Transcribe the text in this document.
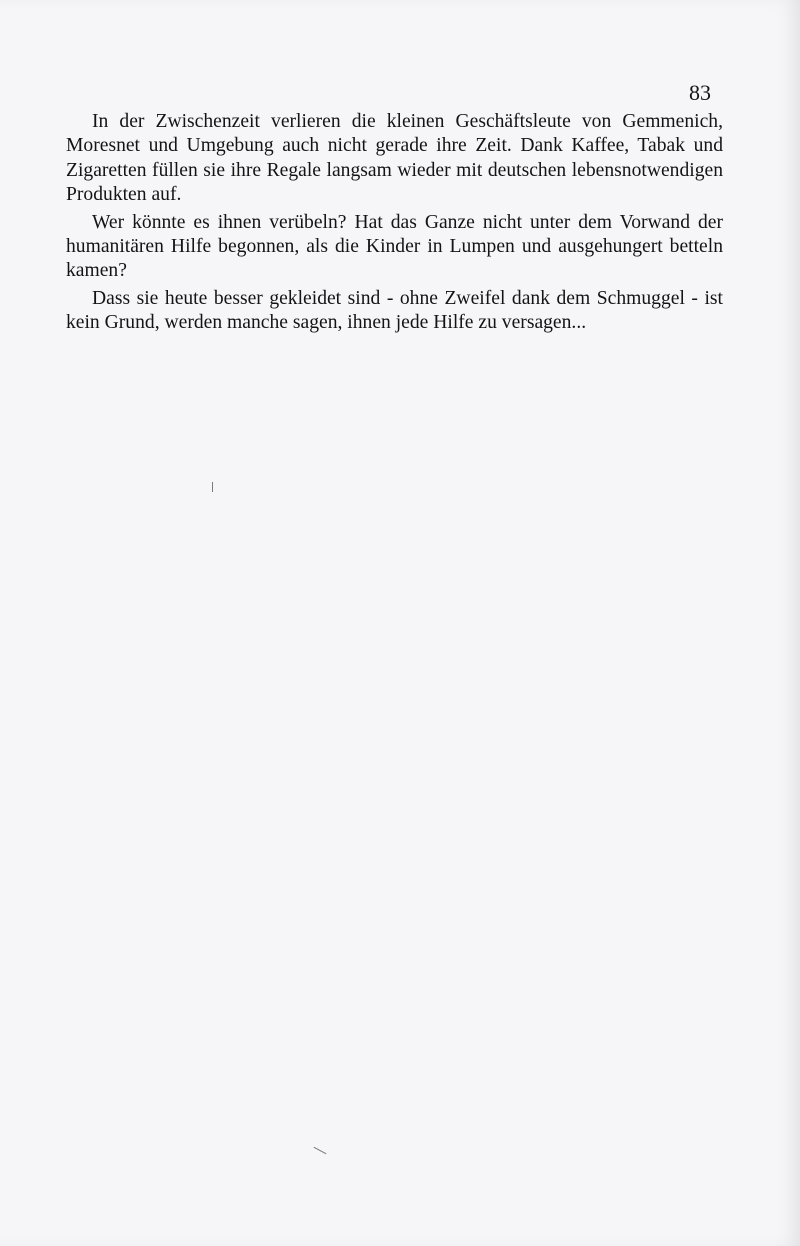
83

In der Zwischenzeit verlieren die kleinen Geschäftsleute von Gemmenich, Moresnet und Umgebung auch nicht gerade ihre Zeit. Dank Kaffee, Tabak und Zigaretten füllen sie ihre Regale langsam wieder mit deutschen lebensnotwendigen Produkten auf.

Wer könnte es ihnen verübeln? Hat das Ganze nicht unter dem Vorwand der humanitären Hilfe begonnen, als die Kinder in Lumpen und ausgehungert betteln kamen?

Dass sie heute besser gekleidet sind - ohne Zweifel dank dem Schmuggel - ist kein Grund, werden manche sagen, ihnen jede Hilfe zu versagen...
